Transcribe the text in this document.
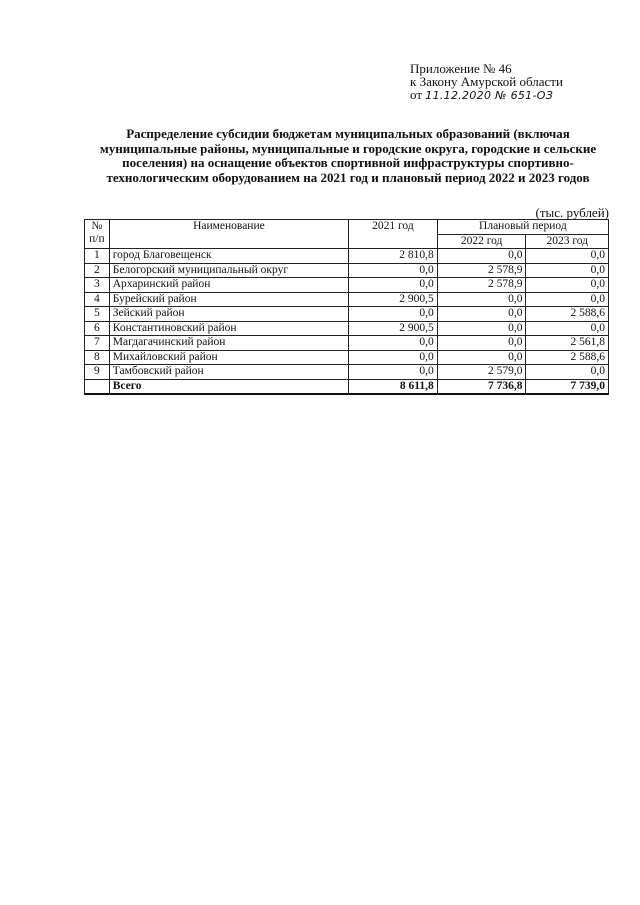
Приложение № 46
к Закону Амурской области
от 11.12.2020 № 651-ОЗ
Распределение субсидии бюджетам муниципальных образований (включая муниципальные районы, муниципальные и городские округа, городские и сельские поселения) на оснащение объектов спортивной инфраструктуры спортивно-технологическим оборудованием на 2021 год и плановый период 2022 и 2023 годов
(тыс. рублей)
№
п/п	Наименование	2021 год	Плановый период	
			2022 год	2023 год
1	город Благовещенск	2 810,8	0,0	0,0
2	Белогорский муниципальный округ	0,0	2 578,9	0,0
3	Архаринский район	0,0	2 578,9	0,0
4	Бурейский район	2 900,5	0,0	0,0
5	Зейский район	0,0	0,0	2 588,6
6	Константиновский район	2 900,5	0,0	0,0
7	Магдагачинский район	0,0	0,0	2 561,8
8	Михайловский район	0,0	0,0	2 588,6
9	Тамбовский район	0,0	2 579,0	0,0
	Всего	8 611,8	7 736,8	7 739,0
